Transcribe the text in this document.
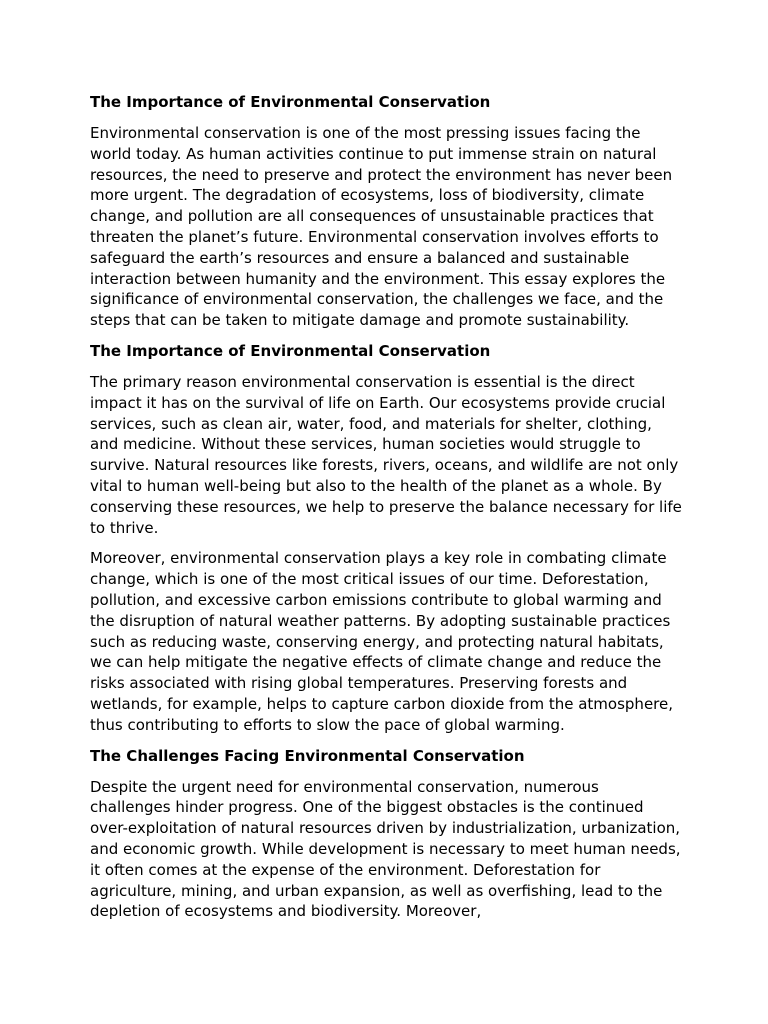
The Importance of Environmental Conservation

Environmental conservation is one of the most pressing issues facing the world today. As human activities continue to put immense strain on natural resources, the need to preserve and protect the environment has never been more urgent. The degradation of ecosystems, loss of biodiversity, climate change, and pollution are all consequences of unsustainable practices that threaten the planet’s future. Environmental conservation involves efforts to safeguard the earth’s resources and ensure a balanced and sustainable interaction between humanity and the environment. This essay explores the significance of environmental conservation, the challenges we face, and the steps that can be taken to mitigate damage and promote sustainability.

The Importance of Environmental Conservation

The primary reason environmental conservation is essential is the direct impact it has on the survival of life on Earth. Our ecosystems provide crucial services, such as clean air, water, food, and materials for shelter, clothing, and medicine. Without these services, human societies would struggle to survive. Natural resources like forests, rivers, oceans, and wildlife are not only vital to human well-being but also to the health of the planet as a whole. By conserving these resources, we help to preserve the balance necessary for life to thrive.

Moreover, environmental conservation plays a key role in combating climate change, which is one of the most critical issues of our time. Deforestation, pollution, and excessive carbon emissions contribute to global warming and the disruption of natural weather patterns. By adopting sustainable practices such as reducing waste, conserving energy, and protecting natural habitats, we can help mitigate the negative effects of climate change and reduce the risks associated with rising global temperatures. Preserving forests and wetlands, for example, helps to capture carbon dioxide from the atmosphere, thus contributing to efforts to slow the pace of global warming.

The Challenges Facing Environmental Conservation

Despite the urgent need for environmental conservation, numerous challenges hinder progress. One of the biggest obstacles is the continued over-exploitation of natural resources driven by industrialization, urbanization, and economic growth. While development is necessary to meet human needs, it often comes at the expense of the environment. Deforestation for agriculture, mining, and urban expansion, as well as overfishing, lead to the depletion of ecosystems and biodiversity. Moreover,
